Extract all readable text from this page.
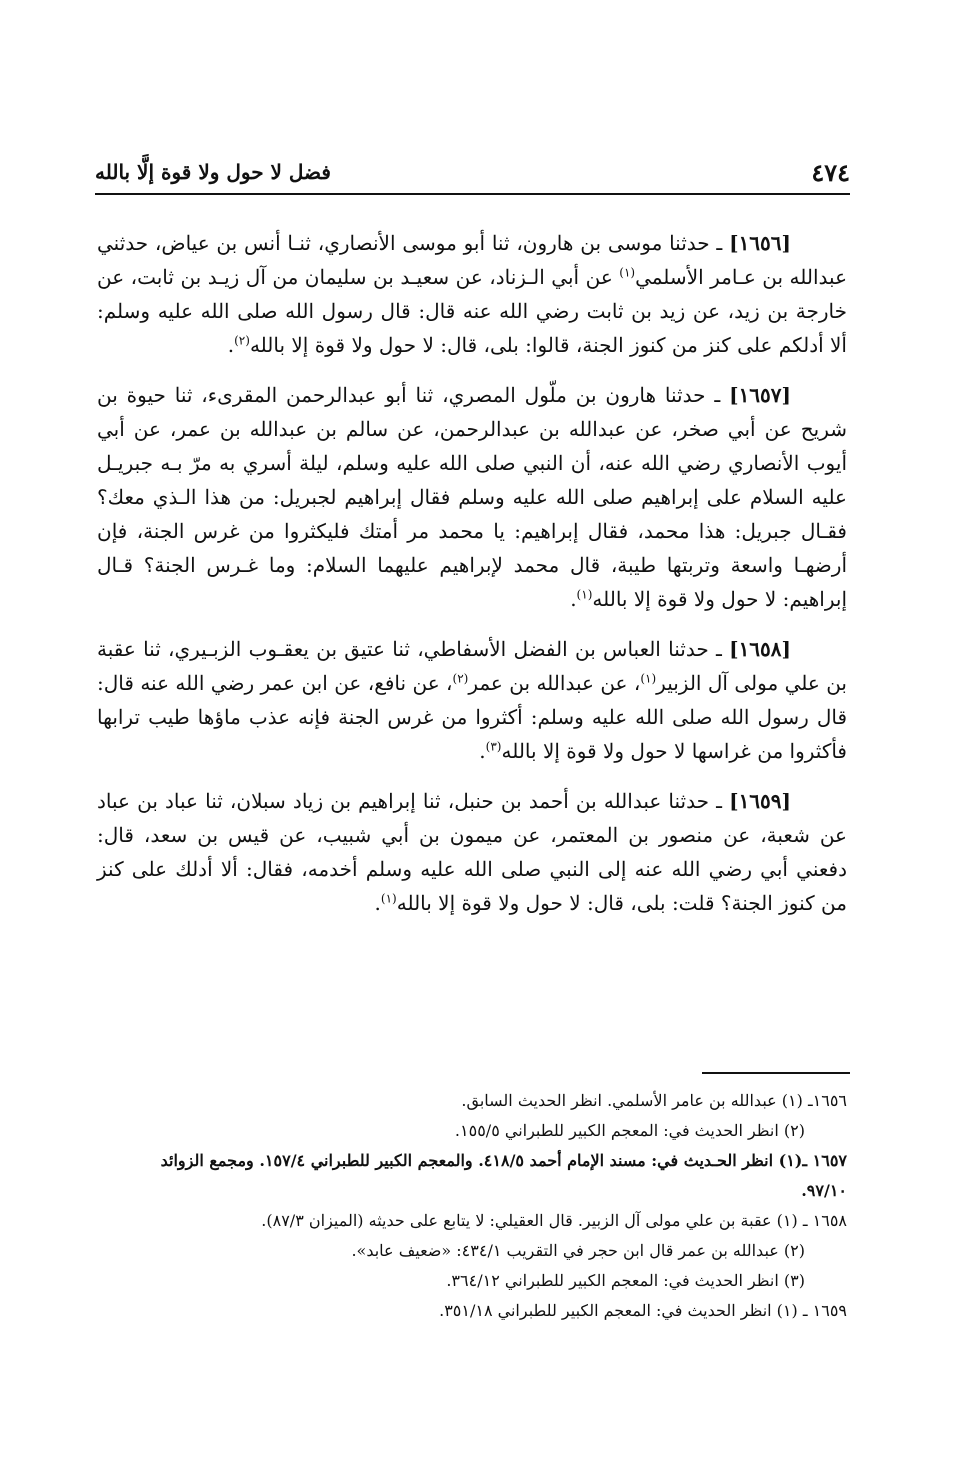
٤٧٤
فضل لا حول ولا قوة إلَّا بالله

[١٦٥٦] ـ حدثنا موسى بن هارون، ثنا أبو موسى الأنصاري، ثنـا أنس بن عياض، حدثني عبدالله بن عـامر الأسلمي$^{(١)}$ عن أبي الـزناد، عن سعيـد بن سليمان من آل زيـد بن ثابت، عن خارجة بن زيد، عن زيد بن ثابت رضي الله عنه قال: قال رسول الله صلى الله عليه وسلم: ألا أدلكم على كنز من كنوز الجنة، قالوا: بلى، قال: لا حول ولا قوة إلا بالله$^{(٢)}$.

[١٦٥٧] ـ حدثنا هارون بن ملّول المصري، ثنا أبو عبدالرحمن المقرىء، ثنا حيوة بن شريح عن أبي صخر، عن عبدالله بن عبدالرحمن، عن سالم بن عبدالله بن عمر، عن أبي أيوب الأنصاري رضي الله عنه، أن النبي صلى الله عليه وسلم، ليلة أسري به مرّ بـه جبريـل عليه السلام على إبراهيم صلى الله عليه وسلم فقال إبراهيم لجبريل: من هذا الـذي معك؟ فقـال جبريل: هذا محمد، فقال إبراهيم: يا محمد مر أمتك فليكثروا من غرس الجنة، فإن أرضهـا واسعة وتربتها طيبة، قال محمد لإبراهيم عليهما السلام: وما غـرس الجنة؟ قـال إبراهيم: لا حول ولا قوة إلا بالله$^{(١)}$.

[١٦٥٨] ـ حدثنا العباس بن الفضل الأسفاطي، ثنا عتيق بن يعقـوب الزبـيري، ثنا عقبة بن علي مولى آل الزبير$^{(١)}$، عن عبدالله بن عمر$^{(٢)}$، عن نافع، عن ابن عمر رضي الله عنه قال: قال رسول الله صلى الله عليه وسلم: أكثروا من غرس الجنة فإنه عذب ماؤها طيب ترابها فأكثروا من غراسها لا حول ولا قوة إلا بالله$^{(٣)}$.

[١٦٥٩] ـ حدثنا عبدالله بن أحمد بن حنبل، ثنا إبراهيم بن زياد سبلان، ثنا عباد بن عباد عن شعبة، عن منصور بن المعتمر، عن ميمون بن أبي شبيب، عن قيس بن سعد، قال: دفعني أبي رضي الله عنه إلى النبي صلى الله عليه وسلم أخدمه، فقال: ألا أدلك على كنز من كنوز الجنة؟ قلت: بلى، قال: لا حول ولا قوة إلا بالله$^{(١)}$.

١٦٥٦ـ (١) عبدالله بن عامر الأسلمي. انظر الحديث السابق.
(٢) انظر الحديث في: المعجم الكبير للطبراني ١٥٥/٥.
١٦٥٧ ـ(١) انظر الحـديث في: مسند الإمام أحمد ٤١٨/٥. والمعجم الكبير للطبراني ١٥٧/٤. ومجمع الزوائد
٩٧/١٠.
١٦٥٨ ـ (١) عقبة بن علي مولى آل الزبير. قال العقيلي: لا يتابع على حديثه (الميزان ٨٧/٣).
(٢) عبدالله بن عمر قال ابن حجر في التقريب ٤٣٤/١: «ضعيف عابد».
(٣) انظر الحديث في: المعجم الكبير للطبراني ٣٦٤/١٢.
١٦٥٩ ـ (١) انظر الحديث في: المعجم الكبير للطبراني ٣٥١/١٨.
